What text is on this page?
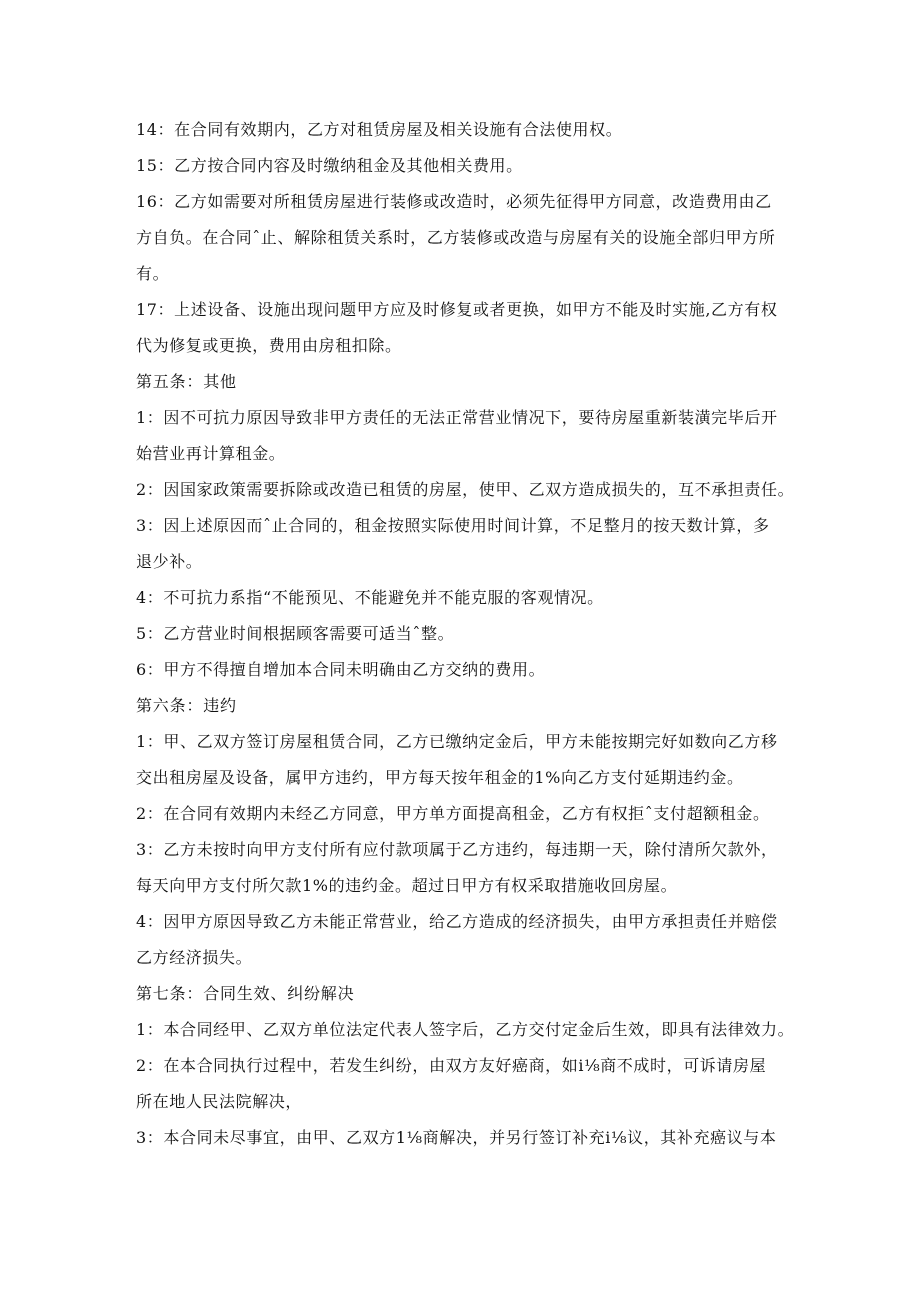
14：在合同有效期内，乙方对租赁房屋及相关设施有合法使用权。
15：乙方按合同内容及时缴纳租金及其他相关费用。
16：乙方如需要对所租赁房屋进行装修或改造时，必须先征得甲方同意，改造费用由乙
方自负。在合同ˆ止、解除租赁关系时，乙方装修或改造与房屋有关的设施全部归甲方所
有。
17：上述设备、设施出现问题甲方应及时修复或者更换，如甲方不能及时实施,乙方有权
代为修复或更换，费用由房租扣除。
第五条：其他
1：因不可抗力原因导致非甲方责任的无法正常营业情况下，要待房屋重新装潢完毕后开
始营业再计算租金。
2：因国家政策需要拆除或改造已租赁的房屋，使甲、乙双方造成损失的，互不承担责任。
3：因上述原因而ˆ止合同的，租金按照实际使用时间计算，不足整月的按天数计算，多
退少补。
4：不可抗力系指“不能预见、不能避免并不能克服的客观情况。
5：乙方营业时间根据顾客需要可适当ˆ整。
6：甲方不得擅自增加本合同未明确由乙方交纳的费用。
第六条：违约
1：甲、乙双方签订房屋租赁合同，乙方已缴纳定金后，甲方未能按期完好如数向乙方移
交出租房屋及设备，属甲方违约，甲方每天按年租金的1%向乙方支付延期违约金。
2：在合同有效期内未经乙方同意，甲方单方面提高租金，乙方有权拒ˆ支付超额租金。
3：乙方未按时向甲方支付所有应付款项属于乙方违约，每违期一天，除付清所欠款外，
每天向甲方支付所欠款1%的违约金。超过日甲方有权采取措施收回房屋。
4：因甲方原因导致乙方未能正常营业，给乙方造成的经济损失，由甲方承担责任并赔偿
乙方经济损失。
第七条：合同生效、纠纷解决
1：本合同经甲、乙双方单位法定代表人签字后，乙方交付定金后生效，即具有法律效力。
2：在本合同执行过程中，若发生纠纷，由双方友好癌商，如i⅛商不成时，可诉请房屋
所在地人民法院解决，
3：本合同未尽事宜，由甲、乙双方1⅛商解决，并另行签订补充i⅛议，其补充癌议与本
